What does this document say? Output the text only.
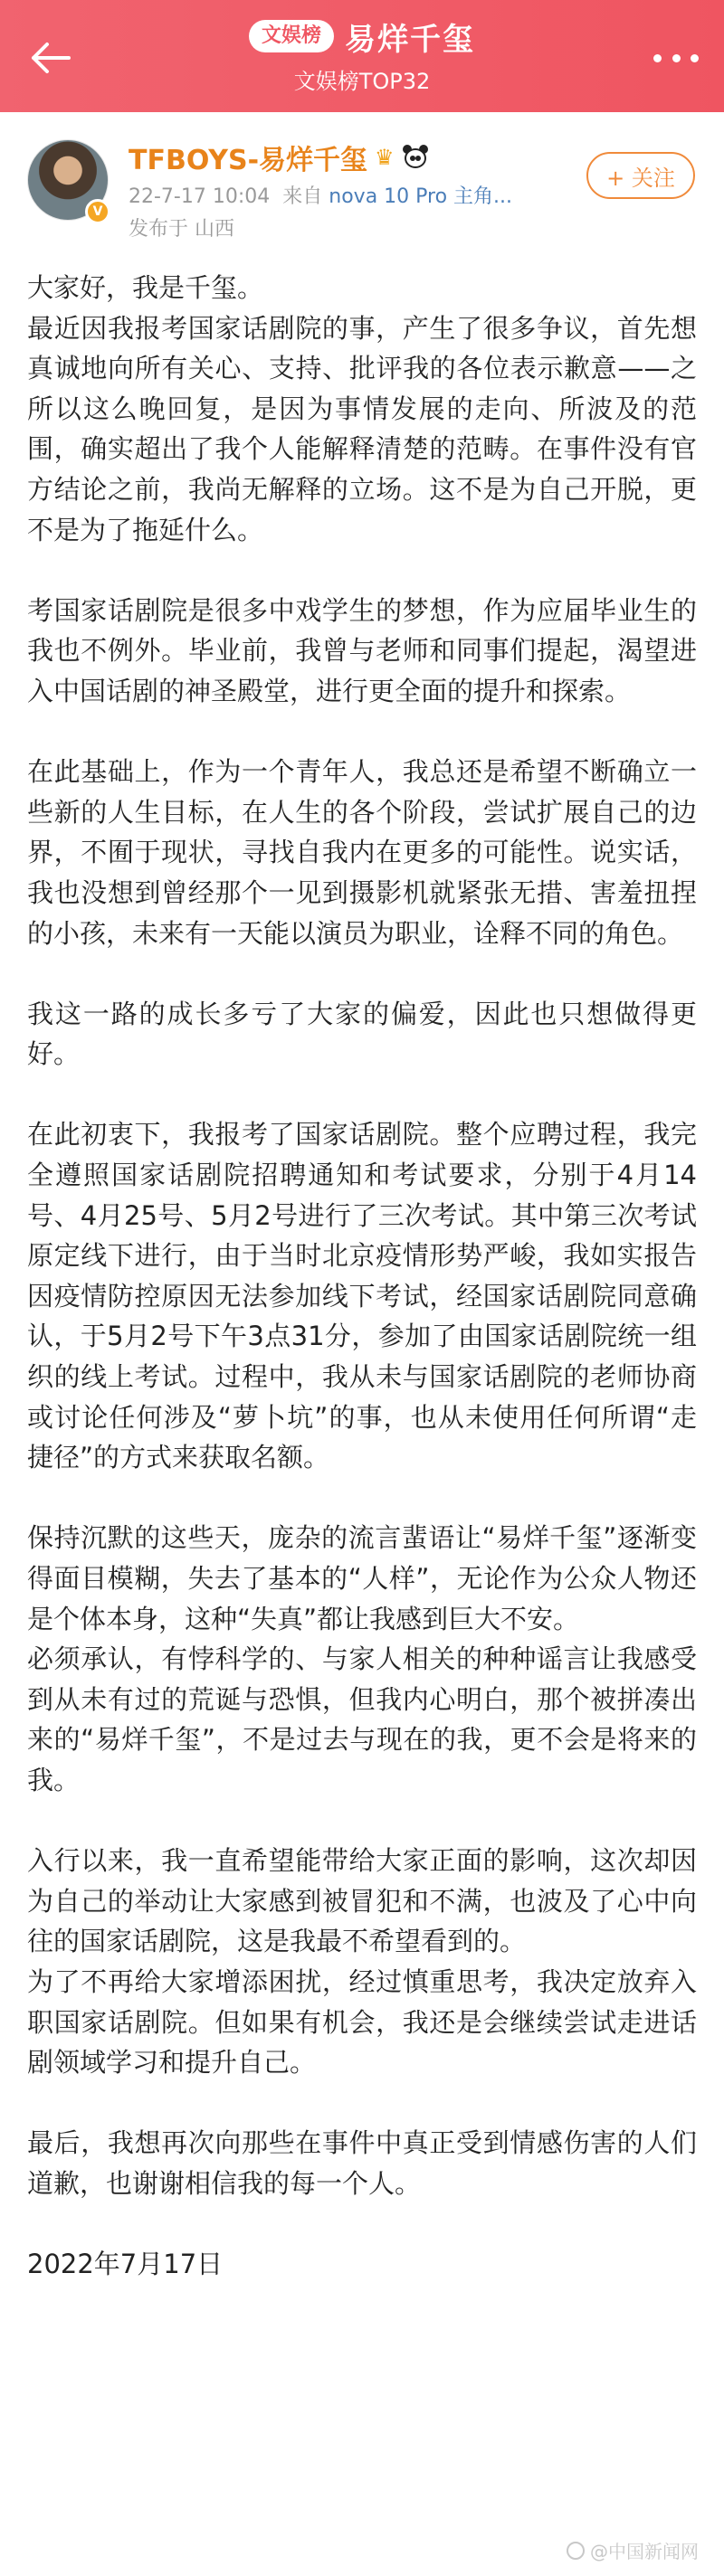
文娱榜 易烊千玺
文娱榜TOP32
V
TFBOYS-易烊千玺 ♛
22-7-17 10:04 来自 nova 10 Pro 主角...
发布于 山西
+ 关注

大家好，我是千玺。

最近因我报考国家话剧院的事，产生了很多争议，首先想真诚地向所有关心、支持、批评我的各位表示歉意——之所以这么晚回复，是因为事情发展的走向、所波及的范围，确实超出了我个人能解释清楚的范畴。在事件没有官方结论之前，我尚无解释的立场。这不是为自己开脱，更不是为了拖延什么。

考国家话剧院是很多中戏学生的梦想，作为应届毕业生的我也不例外。毕业前，我曾与老师和同事们提起，渴望进入中国话剧的神圣殿堂，进行更全面的提升和探索。

在此基础上，作为一个青年人，我总还是希望不断确立一些新的人生目标，在人生的各个阶段，尝试扩展自己的边界，不囿于现状，寻找自我内在更多的可能性。说实话，我也没想到曾经那个一见到摄影机就紧张无措、害羞扭捏的小孩，未来有一天能以演员为职业，诠释不同的角色。

我这一路的成长多亏了大家的偏爱，因此也只想做得更好。

在此初衷下，我报考了国家话剧院。整个应聘过程，我完全遵照国家话剧院招聘通知和考试要求，分别于4月14号、4月25号、5月2号进行了三次考试。其中第三次考试原定线下进行，由于当时北京疫情形势严峻，我如实报告因疫情防控原因无法参加线下考试，经国家话剧院同意确认，于5月2号下午3点31分，参加了由国家话剧院统一组织的线上考试。过程中，我从未与国家话剧院的老师协商或讨论任何涉及“萝卜坑”的事，也从未使用任何所谓“走捷径”的方式来获取名额。

保持沉默的这些天，庞杂的流言蜚语让“易烊千玺”逐渐变得面目模糊，失去了基本的“人样”，无论作为公众人物还是个体本身，这种“失真”都让我感到巨大不安。

必须承认，有悖科学的、与家人相关的种种谣言让我感受到从未有过的荒诞与恐惧，但我内心明白，那个被拼凑出来的“易烊千玺”，不是过去与现在的我，更不会是将来的我。

入行以来，我一直希望能带给大家正面的影响，这次却因为自己的举动让大家感到被冒犯和不满，也波及了心中向往的国家话剧院，这是我最不希望看到的。

为了不再给大家增添困扰，经过慎重思考，我决定放弃入职国家话剧院。但如果有机会，我还是会继续尝试走进话剧领域学习和提升自己。

最后，我想再次向那些在事件中真正受到情感伤害的人们道歉，也谢谢相信我的每一个人。

2022年7月17日

@中国新闻网
